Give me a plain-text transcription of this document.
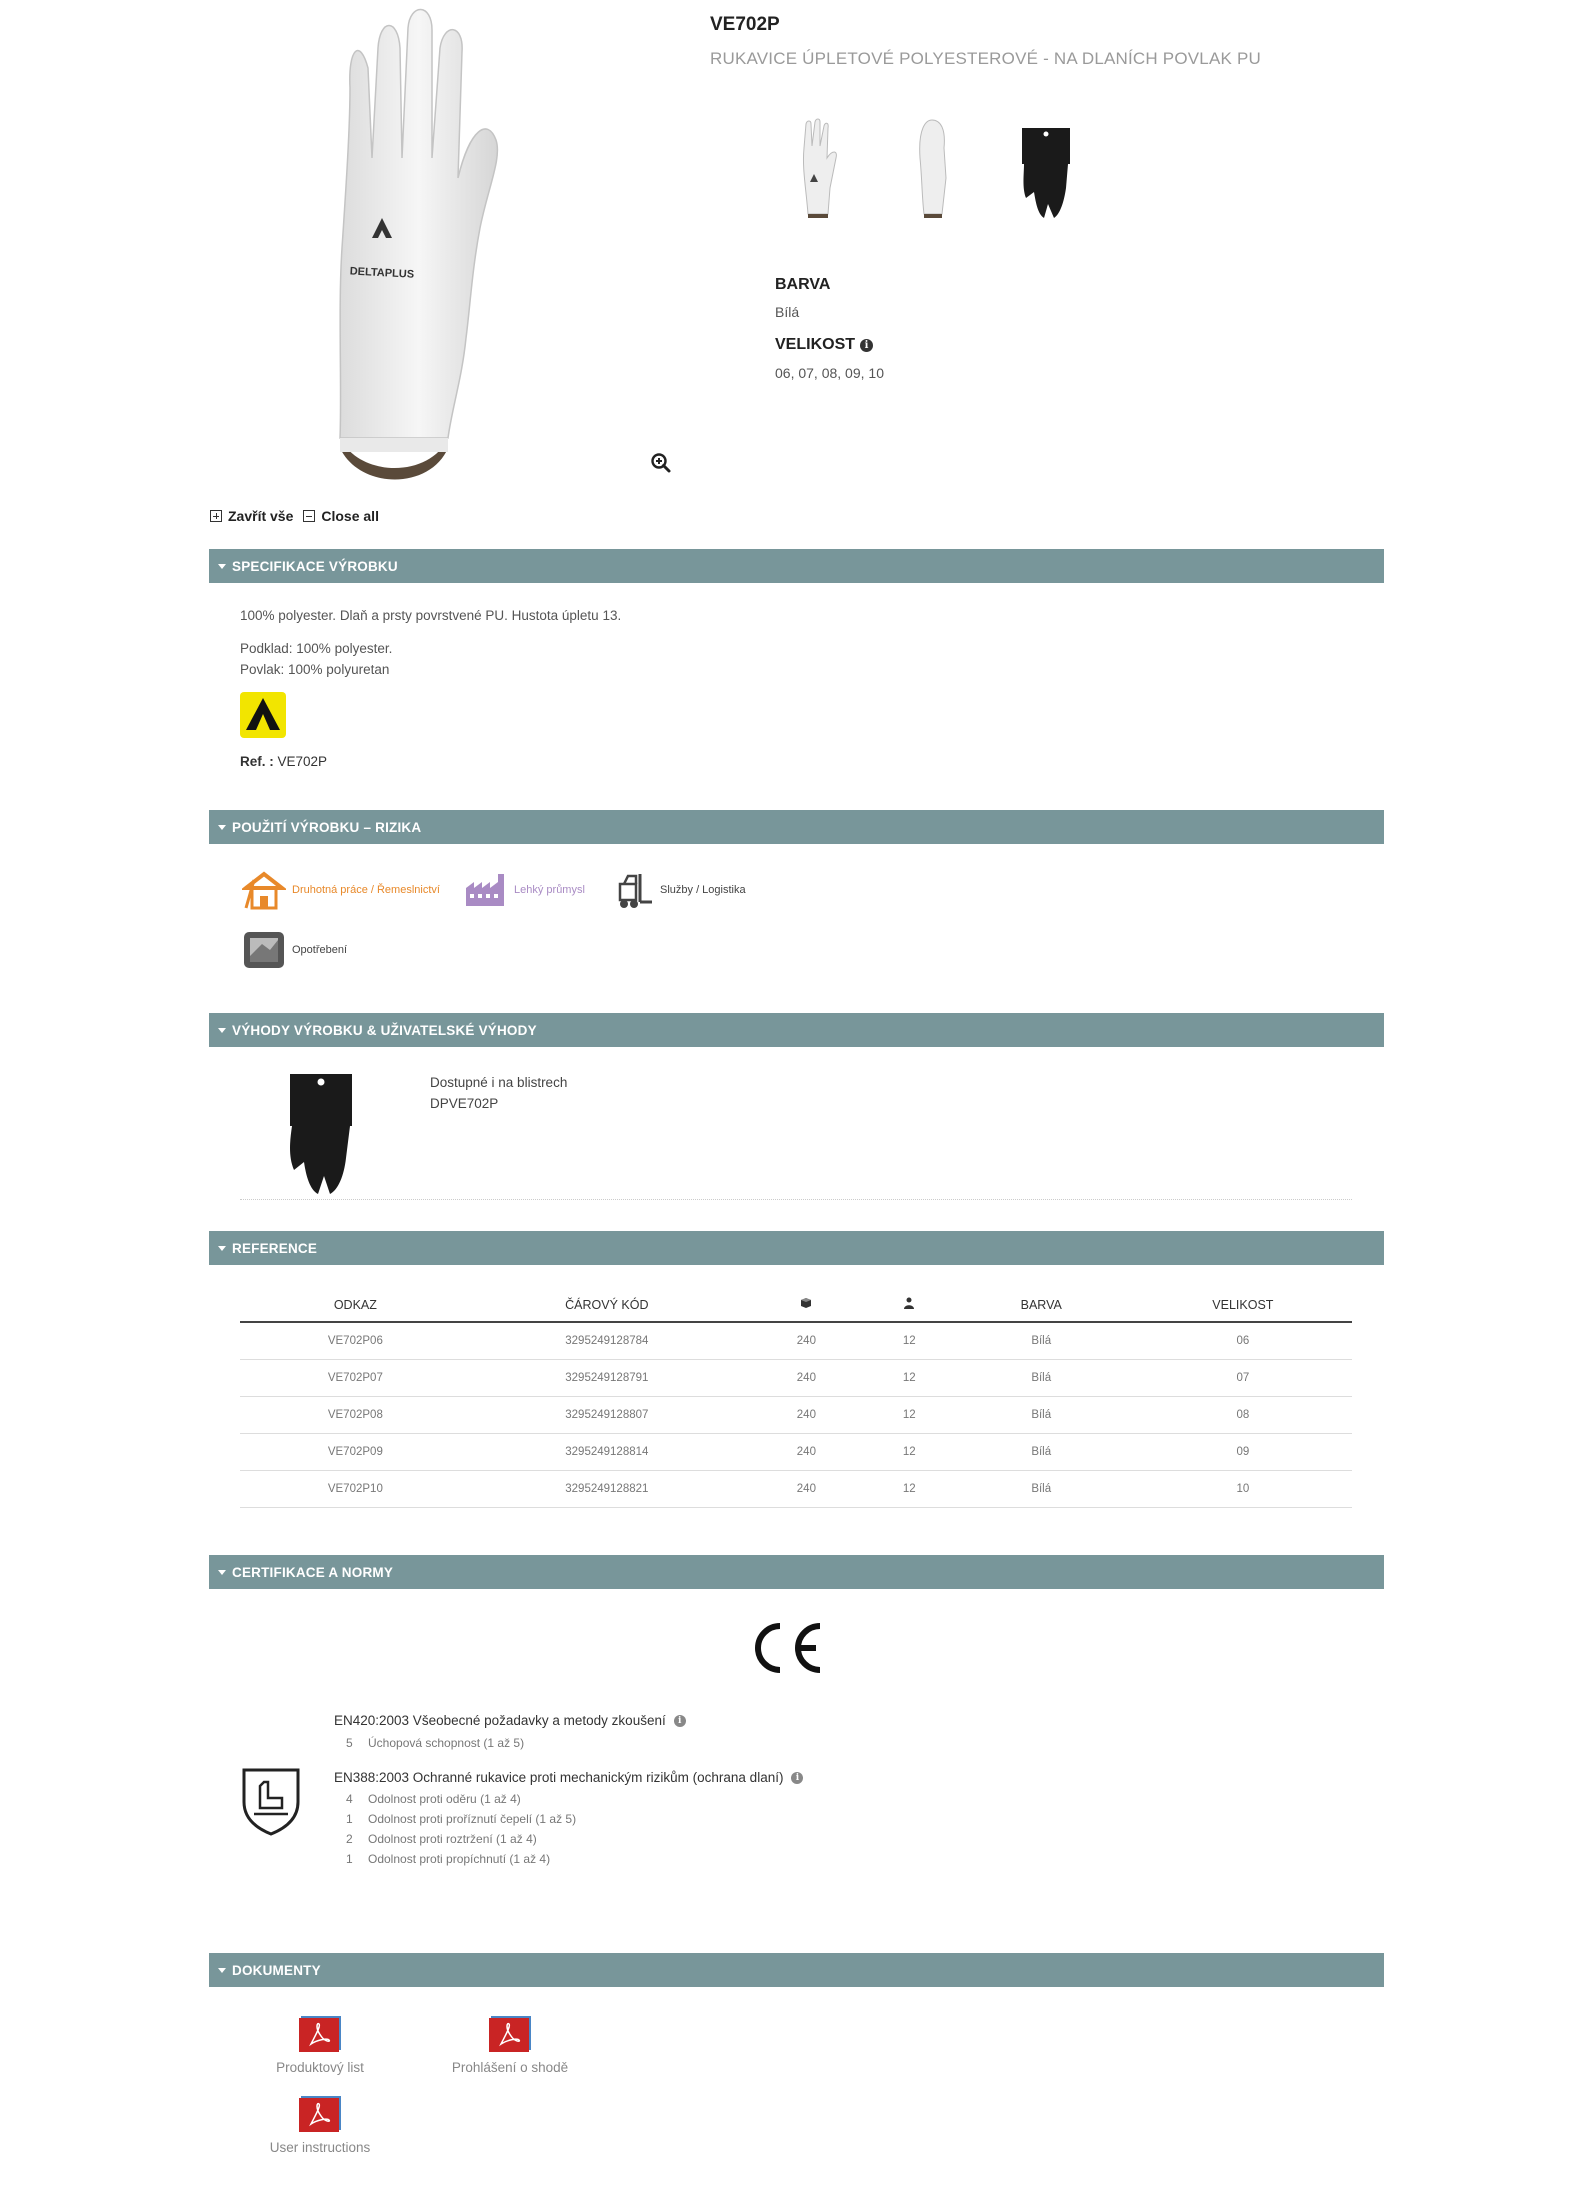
DELTAPLUS
VE702P
RUKAVICE ÚPLETOVÉ POLYESTEROVÉ - NA DLANÍCH POVLAK PU
BARVA
Bílá
VELIKOST i
06, 07, 08, 09, 10
Zavřít vše Close all
SPECIFIKACE VÝROBKU
100% polyester. Dlaň a prsty povrstvené PU. Hustota úpletu 13.
Podklad: 100% polyester.
Povlak: 100% polyuretan
Ref. : VE702P
POUŽITÍ VÝROBKU – RIZIKA
Druhotná práce / Řemeslnictví	Lehký průmysl	Služby / Logistika
Opotřebení
VÝHODY VÝROBKU & UŽIVATELSKÉ VÝHODY
Dostupné i na blistrech
DPVE702P
REFERENCE
ODKAZ	ČÁROVÝ KÓD			BARVA	VELIKOST
VE702P06	3295249128784	240	12	Bílá	06
VE702P07	3295249128791	240	12	Bílá	07
VE702P08	3295249128807	240	12	Bílá	08
VE702P09	3295249128814	240	12	Bílá	09
VE702P10	3295249128821	240	12	Bílá	10
CERTIFIKACE A NORMY
EN420:2003 Všeobecné požadavky a metody zkoušení	i
5	Úchopová schopnost (1 až 5)
EN388:2003 Ochranné rukavice proti mechanickým rizikům (ochrana dlaní)	i
4	Odolnost proti oděru (1 až 4)
1	Odolnost proti proříznutí čepelí (1 až 5)
2	Odolnost proti roztržení (1 až 4)
1	Odolnost proti propíchnutí (1 až 4)
DOKUMENTY
Produktový list	Prohlášení o shodě
User instructions
